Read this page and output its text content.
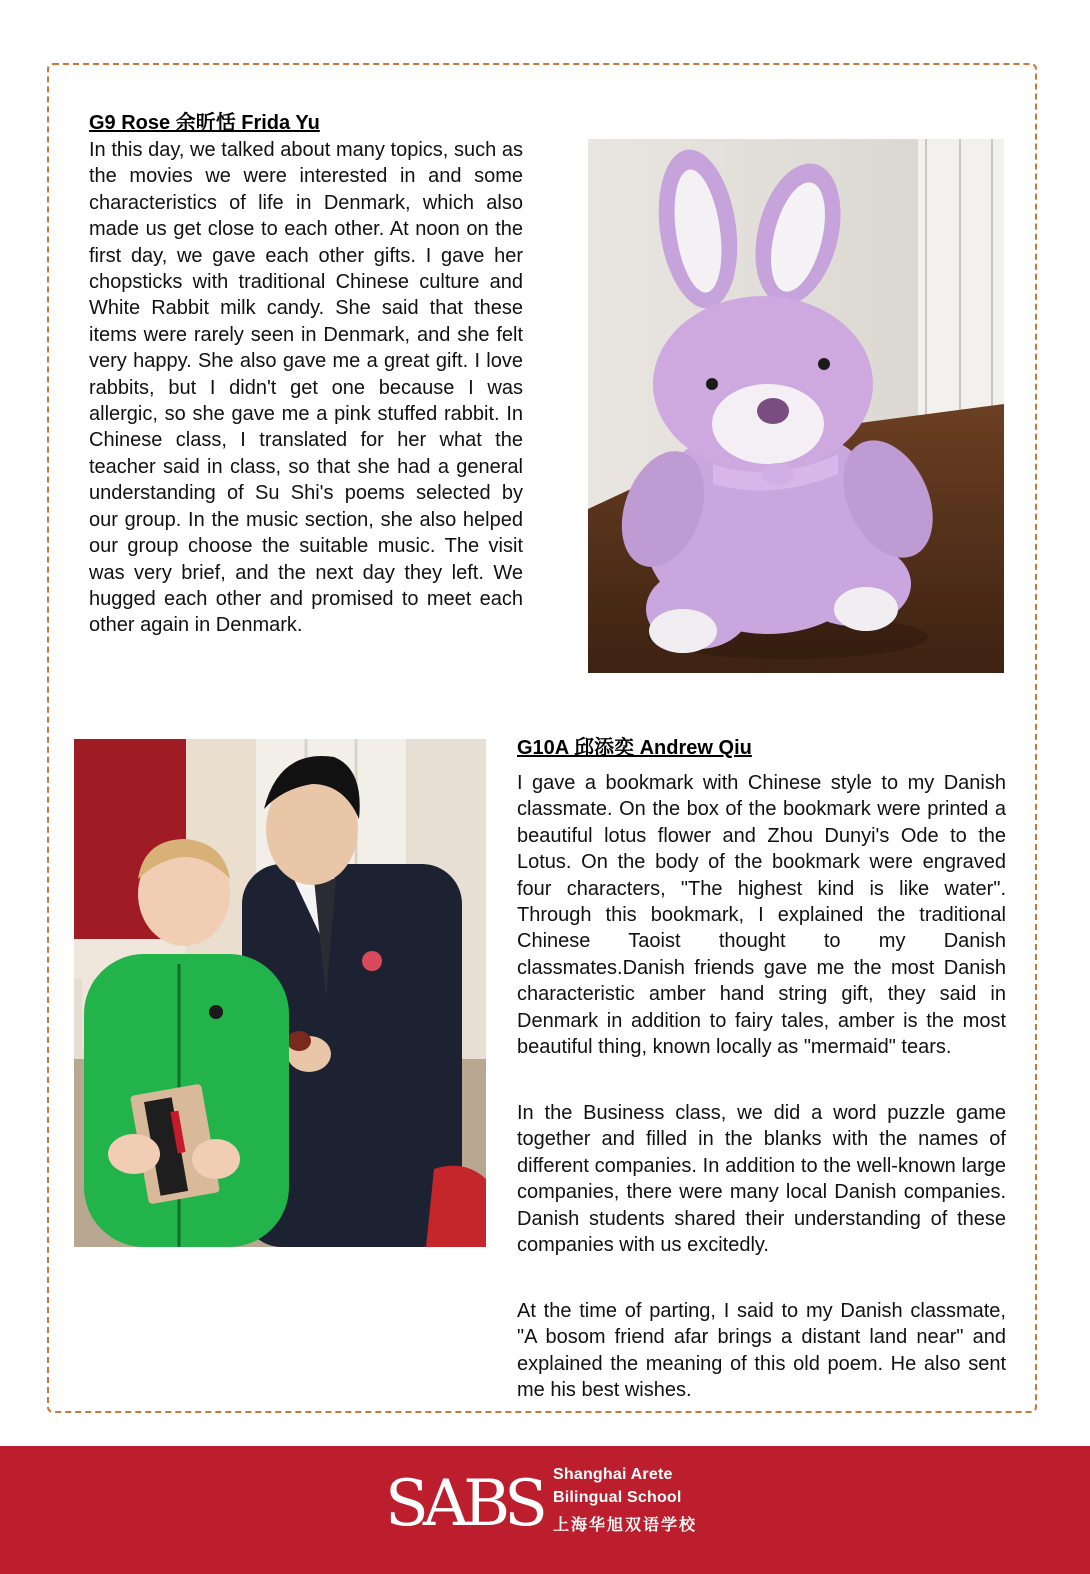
G9 Rose 余昕恬 Frida Yu

In this day, we talked about many topics, such as the movies we were interested in and some characteristics of life in Denmark, which also made us get close to each other. At noon on the first day, we gave each other gifts. I gave her chopsticks with traditional Chinese culture and White Rabbit milk candy. She said that these items were rarely seen in Denmark, and she felt very happy. She also gave me a great gift. I love rabbits, but I didn't get one because I was allergic, so she gave me a pink stuffed rabbit. In Chinese class, I translated for her what the teacher said in class, so that she had a general understanding of Su Shi's poems selected by our group. In the music section, she also helped our group choose the suitable music. The visit was very brief, and the next day they left. We hugged each other and promised to meet each other again in Denmark.

G10A 邱添奕 Andrew Qiu

I gave a bookmark with Chinese style to my Danish classmate. On the box of the bookmark were printed a beautiful lotus flower and Zhou Dunyi's Ode to the Lotus. On the body of the bookmark were engraved four characters, "The highest kind is like water". Through this bookmark, I explained the traditional Chinese Taoist thought to my Danish classmates.Danish friends gave me the most Danish characteristic amber hand string gift, they said in Denmark in addition to fairy tales, amber is the most beautiful thing, known locally as "mermaid" tears.

In the Business class, we did a word puzzle game together and filled in the blanks with the names of different companies. In addition to the well-known large companies, there were many local Danish companies. Danish students shared their understanding of these companies with us excitedly.

At the time of parting, I said to my Danish classmate, "A bosom friend afar brings a distant land near" and explained the meaning of this old poem. He also sent me his best wishes.

SABS Shanghai Arete
Bilingual School
上海华旭双语学校
